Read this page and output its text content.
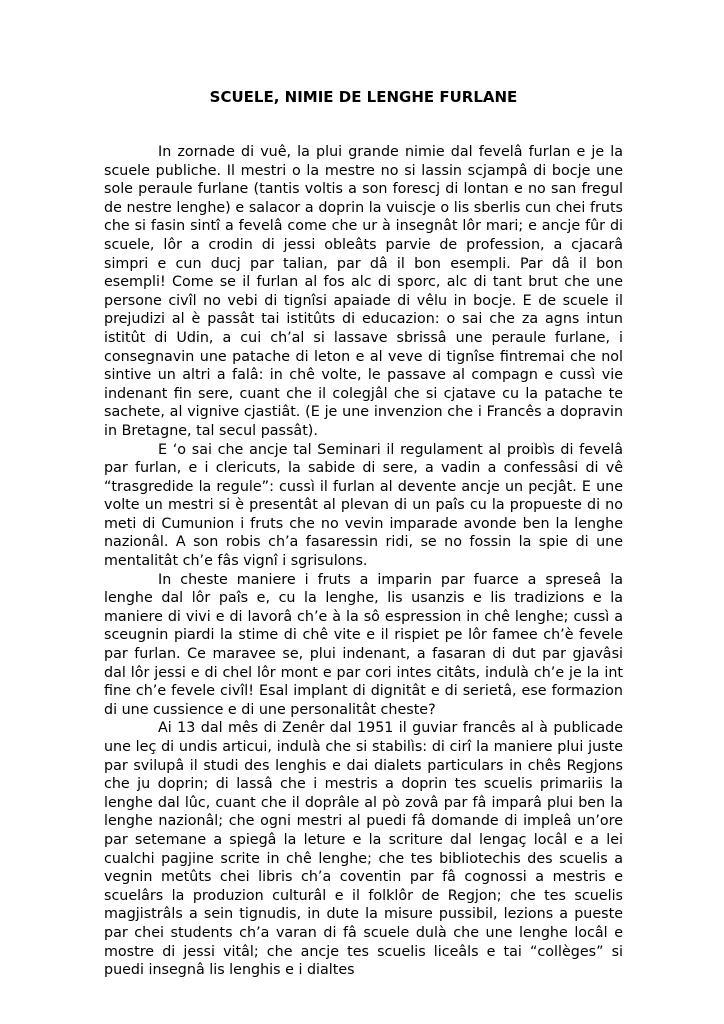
SCUELE, NIMIE DE LENGHE FURLANE

In zornade di vuê, la plui grande nimie dal fevelâ furlan e je la scuele publiche. Il mestri o la mestre no si lassin scjampâ di bocje une sole peraule furlane (tantis voltis a son forescj di lontan e no san fregul de nestre lenghe) e salacor a doprin la vuiscje o lis sberlis cun chei fruts che si fasin sintî a fevelâ come che ur à insegnât lôr mari; e ancje fûr di scuele, lôr a crodin di jessi obleâts parvie de profession, a cjacarâ simpri e cun ducj par talian, par dâ il bon esempli. Par dâ il bon esempli! Come se il furlan al fos alc di sporc, alc di tant brut che une persone civîl no vebi di tignîsi apaiade di vêlu in bocje. E de scuele il prejudizi al è passât tai istitûts di educazion: o sai che za agns intun istitût di Udin, a cui ch’al si lassave sbrissâ une peraule furlane, i consegnavin une patache di leton e al veve di tignîse fintremai che nol sintive un altri a falâ: in chê volte, le passave al compagn e cussì vie indenant fin sere, cuant che il colegjâl che si cjatave cu la patache te sachete, al vignive cjastiât. (E je une invenzion che i Francês a dopravin in Bretagne, tal secul passât).

E ‘o sai che ancje tal Seminari il regulament al proibìs di fevelâ par furlan, e i clericuts, la sabide di sere, a vadin a confessâsi di vê “trasgredide la regule”: cussì il furlan al devente ancje un pecjât. E une volte un mestri si è presentât al plevan di un paîs cu la propueste di no meti di Cumunion i fruts che no vevin imparade avonde ben la lenghe nazionâl. A son robis ch’a fasaressin ridi, se no fossin la spie di une mentalitât ch’e fâs vignî i sgrisulons.

In cheste maniere i fruts a imparin par fuarce a spreseâ la lenghe dal lôr paîs e, cu la lenghe, lis usanzis e lis tradizions e la maniere di vivi e di lavorâ ch’e à la sô espression in chê lenghe; cussì a sceugnin piardi la stime di chê vite e il rispiet pe lôr famee ch’è fevele par furlan. Ce maravee se, plui indenant, a fasaran di dut par gjavâsi dal lôr jessi e di chel lôr mont e par cori intes citâts, indulà ch’e je la int fine ch’e fevele civîl! Esal implant di dignitât e di serietâ, ese formazion di une cussience e di une personalitât cheste?

Ai 13 dal mês di Zenêr dal 1951 il guviar francês al à publicade une leç di undis articui, indulà che si stabilìs: di cirî la maniere plui juste par svilupâ il studi des lenghis e dai dialets particulars in chês Regjons che ju doprin; di lassâ che i mestris a doprin tes scuelis primariis la lenghe dal lûc, cuant che il doprâle al pò zovâ par fâ imparâ plui ben la lenghe nazionâl; che ogni mestri al puedi fâ domande di impleâ un’ore par setemane a spiegâ la leture e la scriture dal lengaç locâl e a lei cualchi pagjine scrite in chê lenghe; che tes bibliotechis des scuelis a vegnin metûts chei libris ch’a coventin par fâ cognossi a mestris e scuelârs la produzion culturâl e il folklôr de Regjon; che tes scuelis magjistrâls a sein tignudis, in dute la misure pussibil, lezions a pueste par chei students ch’a varan di fâ scuele dulà che une lenghe locâl e mostre di jessi vitâl; che ancje tes scuelis liceâls e tai “collèges” si puedi insegnâ lis lenghis e i dialtes
